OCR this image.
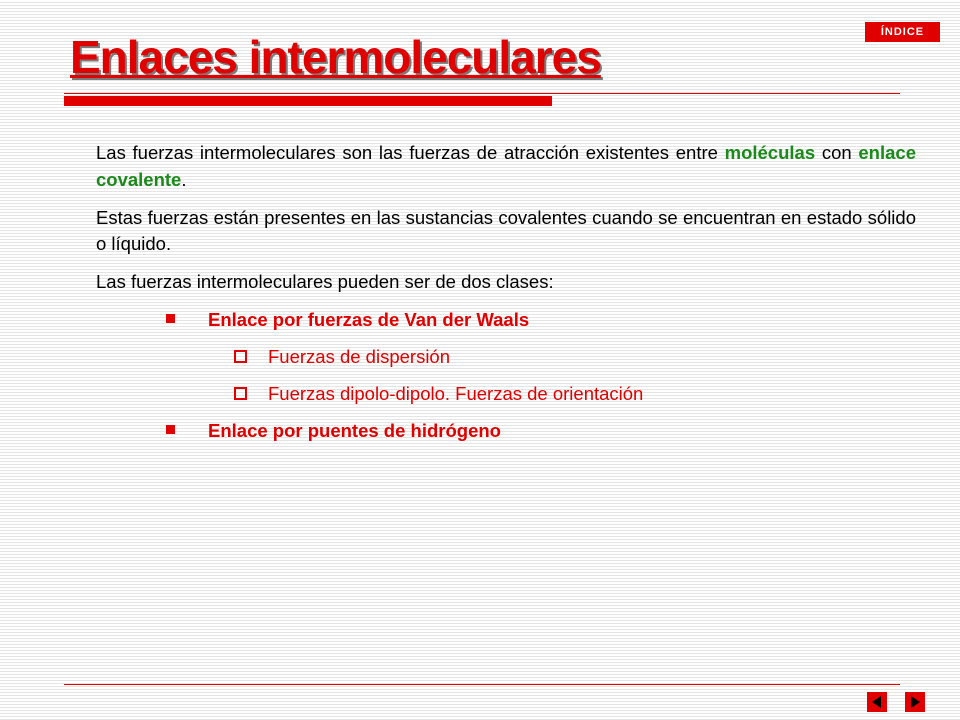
ÍNDICE
Enlaces intermoleculares

Las fuerzas intermoleculares son las fuerzas de atracción existentes entre moléculas con enlace covalente.

Estas fuerzas están presentes en las sustancias covalentes cuando se encuentran en estado sólido o líquido.

Las fuerzas intermoleculares pueden ser de dos clases:

Enlace por fuerzas de Van der Waals
Fuerzas de dispersión
Fuerzas dipolo-dipolo. Fuerzas de orientación
Enlace por puentes de hidrógeno
